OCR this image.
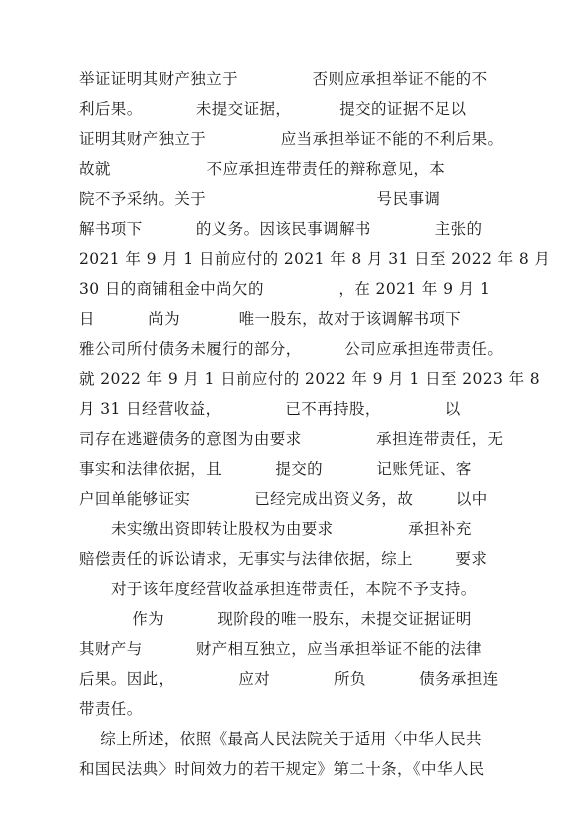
举证证明其财产独立于              否则应承担举证不能的不
利后果。          未提交证据，         提交的证据不足以
证明其财产独立于              应当承担举证不能的不利后果。
故就                  不应承担连带责任的辩称意见，本
院不予采纳。关于                                号民事调
解书项下          的义务。因该民事调解书            主张的
2021 年 9 月 1 日前应付的 2021 年 8 月 31 日至 2022 年 8 月
30 日的商铺租金中尚欠的              ，在 2021 年 9 月 1
日          尚为           唯一股东，故对于该调解书项下
雅公司所付债务未履行的部分，        公司应承担连带责任。
就 2022 年 9 月 1 日前应付的 2022 年 9 月 1 日至 2023 年 8
月 31 日经营收益，            已不再持股，            以
司存在逃避债务的意图为由要求              承担连带责任，无
事实和法律依据，且          提交的          记账凭证、客
户回单能够证实            已经完成出资义务，故        以中
未实缴出资即转让股权为由要求              承担补充
赔偿责任的诉讼请求，无事实与法律依据，综上        要求
对于该年度经营收益承担连带责任，本院不予支持。
作为          现阶段的唯一股东，未提交证据证明
其财产与          财产相互独立，应当承担举证不能的法律
后果。因此，            应对            所负          债务承担连
带责任。
综上所述，依照《最高人民法院关于适用〈中华人民共
和国民法典〉时间效力的若干规定》第二十条，《中华人民
